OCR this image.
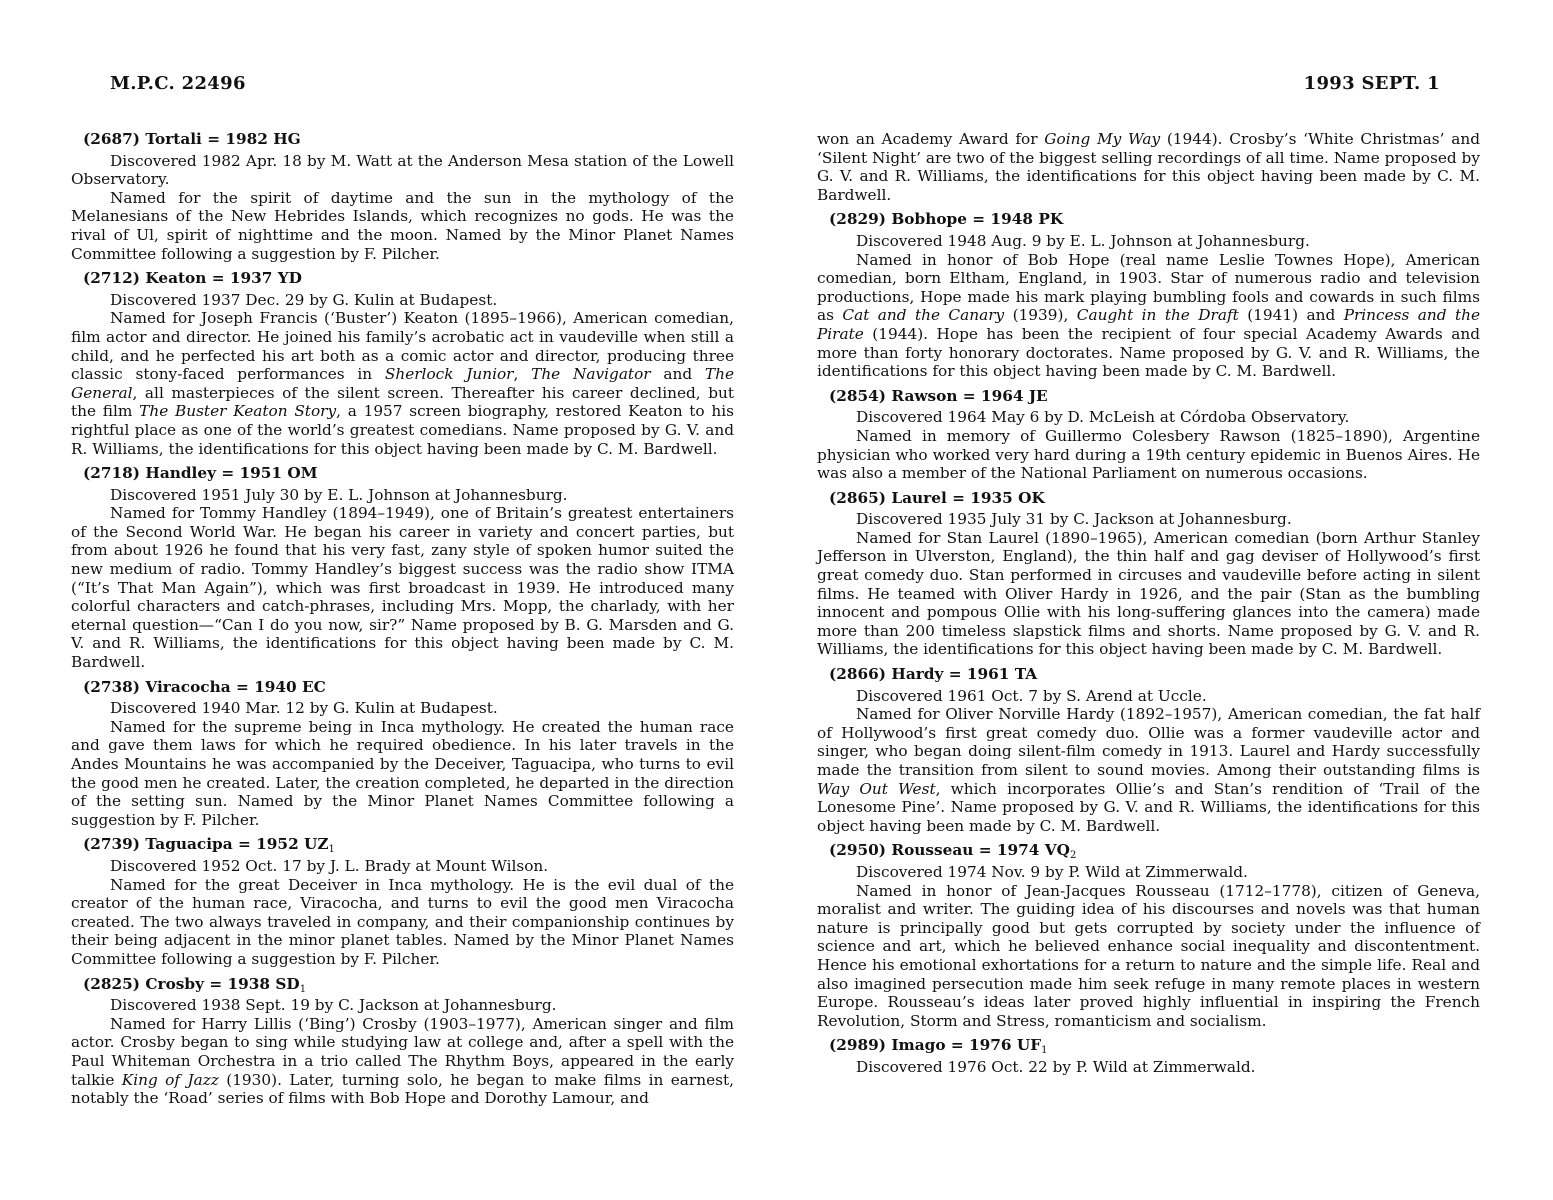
M.P.C. 22496	1993 SEPT. 1

(2687) Tortali = 1982 HG

Discovered 1982 Apr. 18 by M. Watt at the Anderson Mesa station of the Lowell Observatory.

Named for the spirit of daytime and the sun in the mythology of the Melanesians of the New Hebrides Islands, which recognizes no gods. He was the rival of Ul, spirit of nighttime and the moon. Named by the Minor Planet Names Committee following a suggestion by F. Pilcher.

(2712) Keaton = 1937 YD

Discovered 1937 Dec. 29 by G. Kulin at Budapest.

Named for Joseph Francis (‘Buster’) Keaton (1895–1966), American comedian, film actor and director. He joined his family’s acrobatic act in vaudeville when still a child, and he perfected his art both as a comic actor and director, producing three classic stony-faced performances in Sherlock Junior, The Navigator and The General, all masterpieces of the silent screen. Thereafter his career declined, but the film The Buster Keaton Story, a 1957 screen biography, restored Keaton to his rightful place as one of the world’s greatest comedians. Name proposed by G. V. and R. Williams, the identifications for this object having been made by C. M. Bardwell.

(2718) Handley = 1951 OM

Discovered 1951 July 30 by E. L. Johnson at Johannesburg.

Named for Tommy Handley (1894–1949), one of Britain’s greatest entertainers of the Second World War. He began his career in variety and concert parties, but from about 1926 he found that his very fast, zany style of spoken humor suited the new medium of radio. Tommy Handley’s biggest success was the radio show ITMA (“It’s That Man Again”), which was first broadcast in 1939. He introduced many colorful characters and catch-phrases, including Mrs. Mopp, the charlady, with her eternal question—“Can I do you now, sir?” Name proposed by B. G. Marsden and G. V. and R. Williams, the identifications for this object having been made by C. M. Bardwell.

(2738) Viracocha = 1940 EC

Discovered 1940 Mar. 12 by G. Kulin at Budapest.

Named for the supreme being in Inca mythology. He created the human race and gave them laws for which he required obedience. In his later travels in the Andes Mountains he was accompanied by the Deceiver, Taguacipa, who turns to evil the good men he created. Later, the creation completed, he departed in the direction of the setting sun. Named by the Minor Planet Names Committee following a suggestion by F. Pilcher.

(2739) Taguacipa = 1952 UZ1

Discovered 1952 Oct. 17 by J. L. Brady at Mount Wilson.

Named for the great Deceiver in Inca mythology. He is the evil dual of the creator of the human race, Viracocha, and turns to evil the good men Viracocha created. The two always traveled in company, and their companionship continues by their being adjacent in the minor planet tables. Named by the Minor Planet Names Committee following a suggestion by F. Pilcher.

(2825) Crosby = 1938 SD1

Discovered 1938 Sept. 19 by C. Jackson at Johannesburg.

Named for Harry Lillis (‘Bing’) Crosby (1903–1977), American singer and film actor. Crosby began to sing while studying law at college and, after a spell with the Paul Whiteman Orchestra in a trio called The Rhythm Boys, appeared in the early talkie King of Jazz (1930). Later, turning solo, he began to make films in earnest, notably the ‘Road’ series of films with Bob Hope and Dorothy Lamour, and

won an Academy Award for Going My Way (1944). Crosby’s ‘White Christmas’ and ‘Silent Night’ are two of the biggest selling recordings of all time. Name proposed by G. V. and R. Williams, the identifications for this object having been made by C. M. Bardwell.

(2829) Bobhope = 1948 PK

Discovered 1948 Aug. 9 by E. L. Johnson at Johannesburg.

Named in honor of Bob Hope (real name Leslie Townes Hope), American comedian, born Eltham, England, in 1903. Star of numerous radio and television productions, Hope made his mark playing bumbling fools and cowards in such films as Cat and the Canary (1939), Caught in the Draft (1941) and Princess and the Pirate (1944). Hope has been the recipient of four special Academy Awards and more than forty honorary doctorates. Name proposed by G. V. and R. Williams, the identifications for this object having been made by C. M. Bardwell.

(2854) Rawson = 1964 JE

Discovered 1964 May 6 by D. McLeish at Córdoba Observatory.

Named in memory of Guillermo Colesbery Rawson (1825–1890), Argentine physician who worked very hard during a 19th century epidemic in Buenos Aires. He was also a member of the National Parliament on numerous occasions.

(2865) Laurel = 1935 OK

Discovered 1935 July 31 by C. Jackson at Johannesburg.

Named for Stan Laurel (1890–1965), American comedian (born Arthur Stanley Jefferson in Ulverston, England), the thin half and gag deviser of Hollywood’s first great comedy duo. Stan performed in circuses and vaudeville before acting in silent films. He teamed with Oliver Hardy in 1926, and the pair (Stan as the bumbling innocent and pompous Ollie with his long-suffering glances into the camera) made more than 200 timeless slapstick films and shorts. Name proposed by G. V. and R. Williams, the identifications for this object having been made by C. M. Bardwell.

(2866) Hardy = 1961 TA

Discovered 1961 Oct. 7 by S. Arend at Uccle.

Named for Oliver Norville Hardy (1892–1957), American comedian, the fat half of Hollywood’s first great comedy duo. Ollie was a former vaudeville actor and singer, who began doing silent-film comedy in 1913. Laurel and Hardy successfully made the transition from silent to sound movies. Among their outstanding films is Way Out West, which incorporates Ollie’s and Stan’s rendition of ‘Trail of the Lonesome Pine’. Name proposed by G. V. and R. Williams, the identifications for this object having been made by C. M. Bardwell.

(2950) Rousseau = 1974 VQ2

Discovered 1974 Nov. 9 by P. Wild at Zimmerwald.

Named in honor of Jean-Jacques Rousseau (1712–1778), citizen of Geneva, moralist and writer. The guiding idea of his discourses and novels was that human nature is principally good but gets corrupted by society under the influence of science and art, which he believed enhance social inequality and discontentment. Hence his emotional exhortations for a return to nature and the simple life. Real and also imagined persecution made him seek refuge in many remote places in western Europe. Rousseau’s ideas later proved highly influential in inspiring the French Revolution, Storm and Stress, romanticism and socialism.

(2989) Imago = 1976 UF1

Discovered 1976 Oct. 22 by P. Wild at Zimmerwald.
